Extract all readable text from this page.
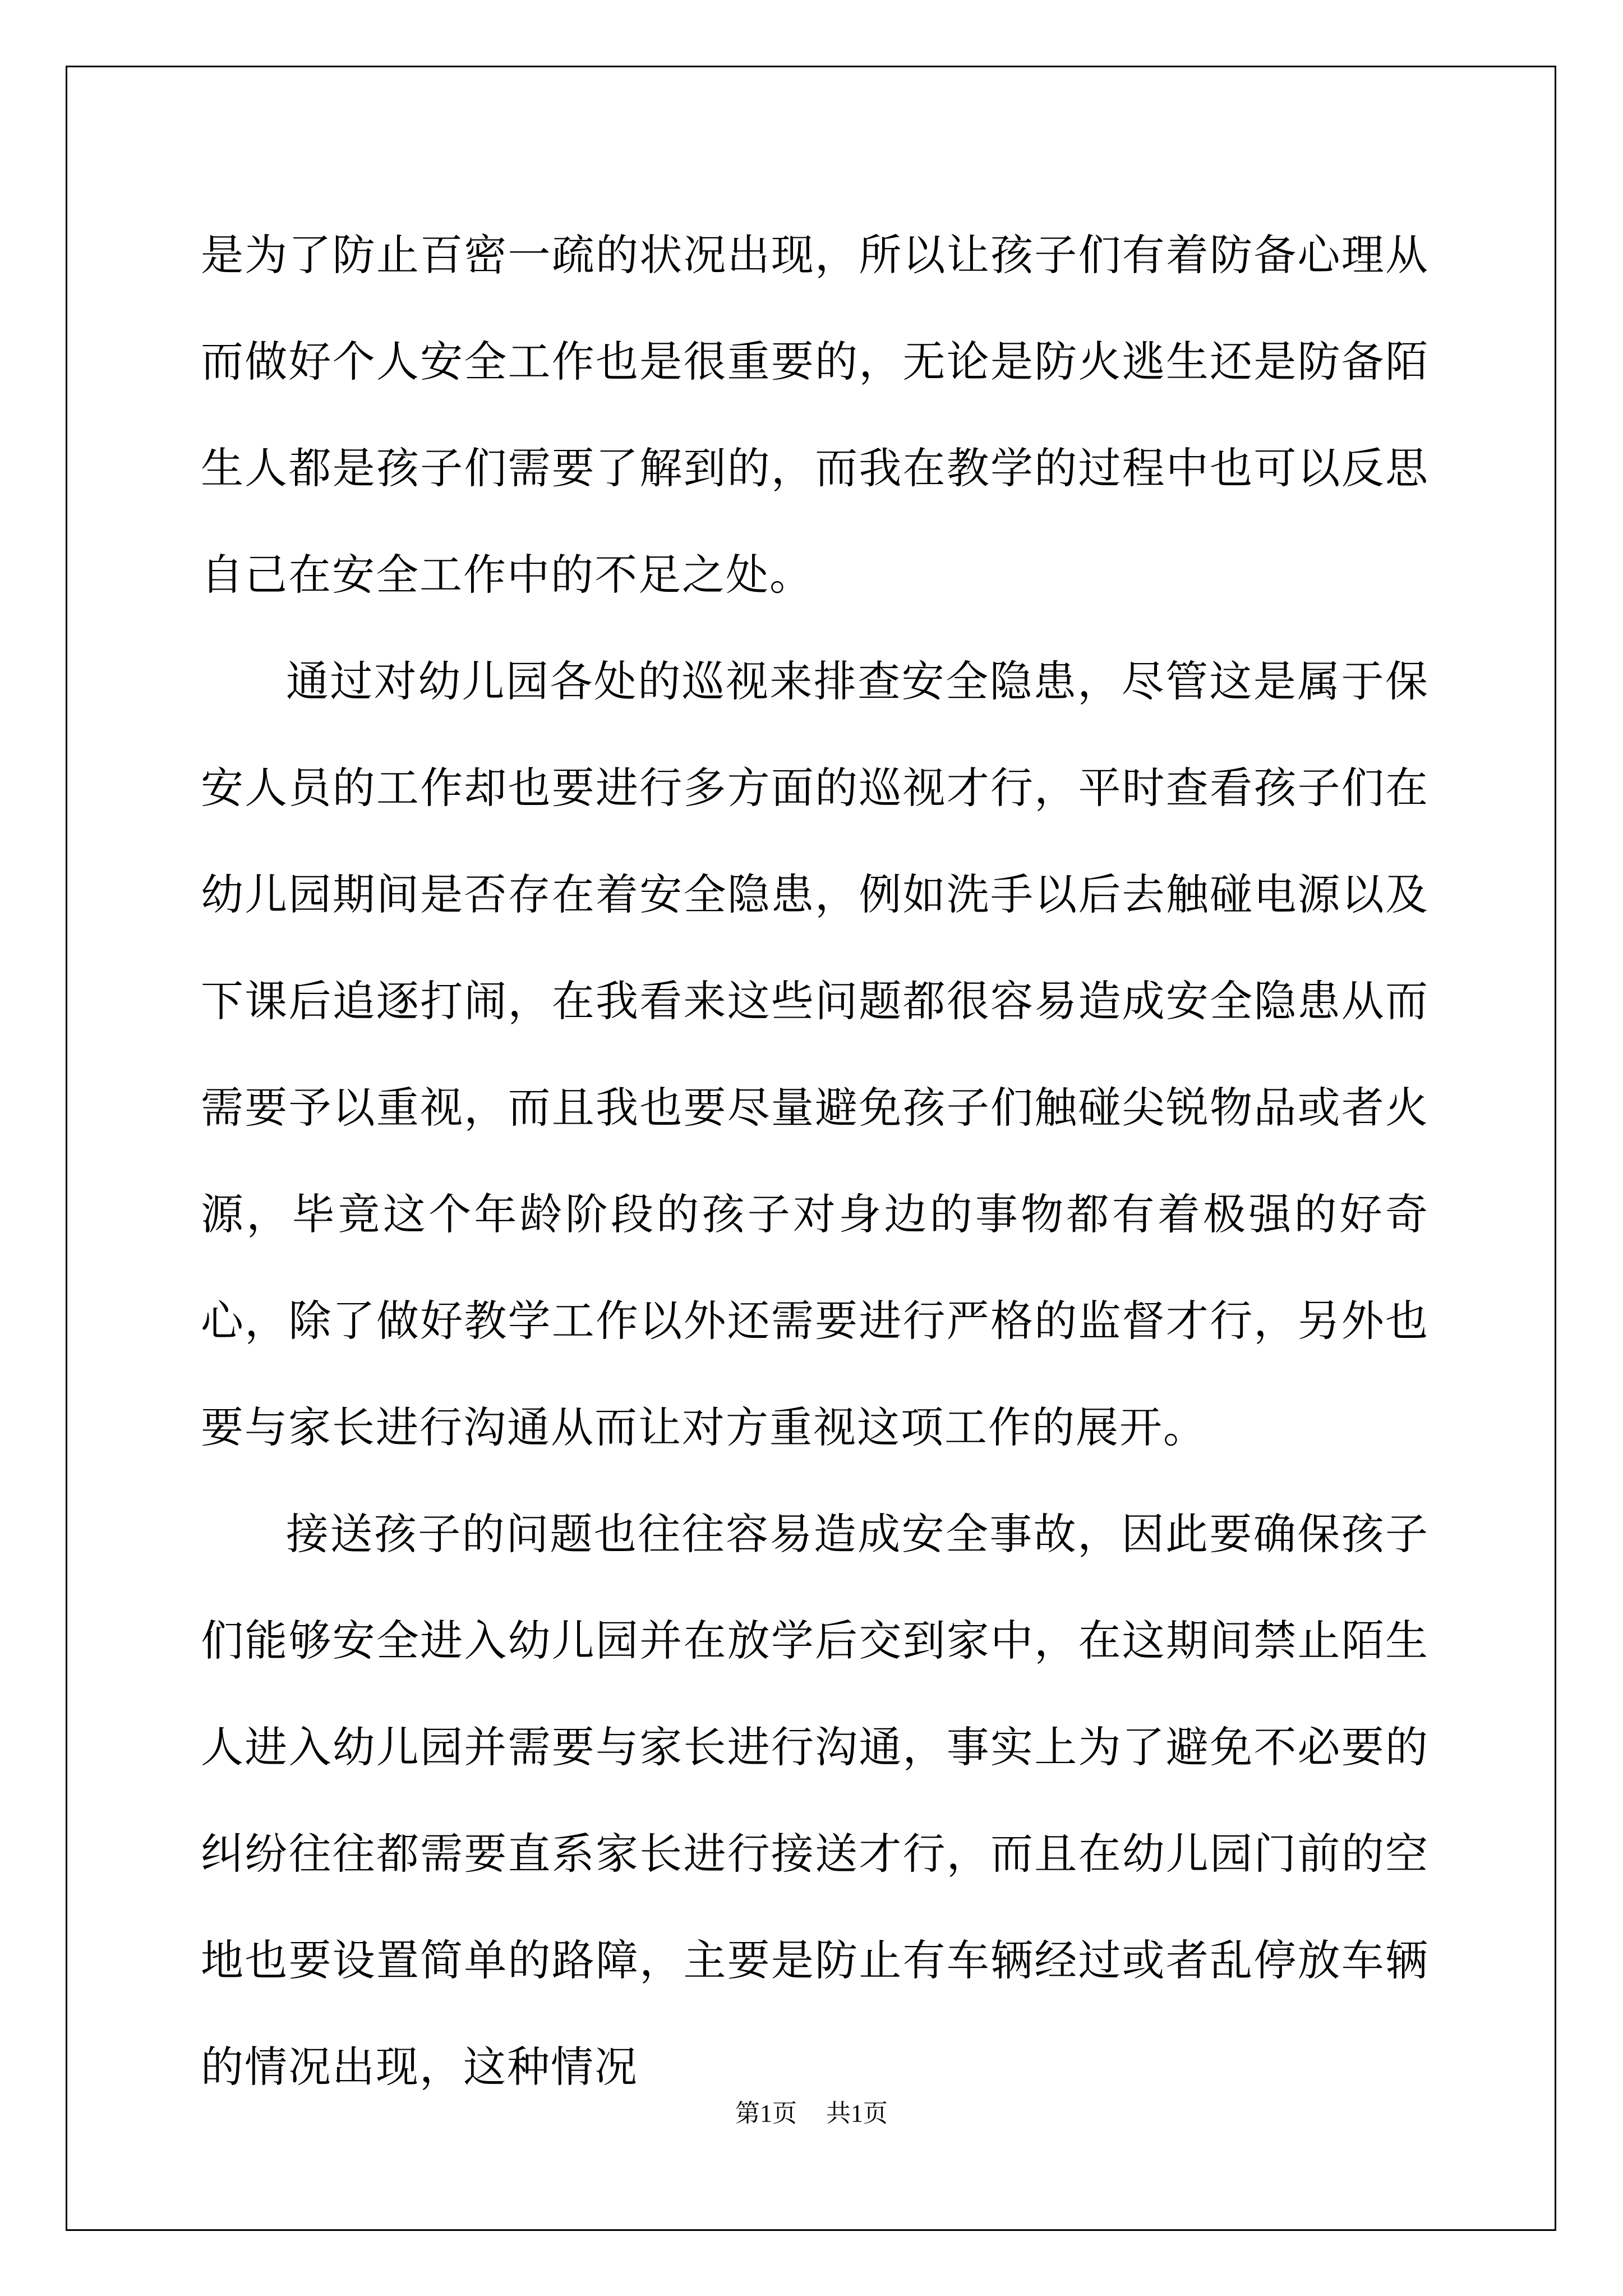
是为了防止百密一疏的状况出现，所以让孩子们有着防备心理从而做好个人安全工作也是很重要的，无论是防火逃生还是防备陌生人都是孩子们需要了解到的，而我在教学的过程中也可以反思自己在安全工作中的不足之处。

通过对幼儿园各处的巡视来排查安全隐患，尽管这是属于保安人员的工作却也要进行多方面的巡视才行，平时查看孩子们在幼儿园期间是否存在着安全隐患，例如洗手以后去触碰电源以及下课后追逐打闹，在我看来这些问题都很容易造成安全隐患从而需要予以重视，而且我也要尽量避免孩子们触碰尖锐物品或者火源，毕竟这个年龄阶段的孩子对身边的事物都有着极强的好奇心，除了做好教学工作以外还需要进行严格的监督才行，另外也要与家长进行沟通从而让对方重视这项工作的展开。

接送孩子的问题也往往容易造成安全事故，因此要确保孩子们能够安全进入幼儿园并在放学后交到家中，在这期间禁止陌生人进入幼儿园并需要与家长进行沟通，事实上为了避免不必要的纠纷往往都需要直系家长进行接送才行，而且在幼儿园门前的空地也要设置简单的路障，主要是防止有车辆经过或者乱停放车辆的情况出现，这种情况

第1页 共1页
